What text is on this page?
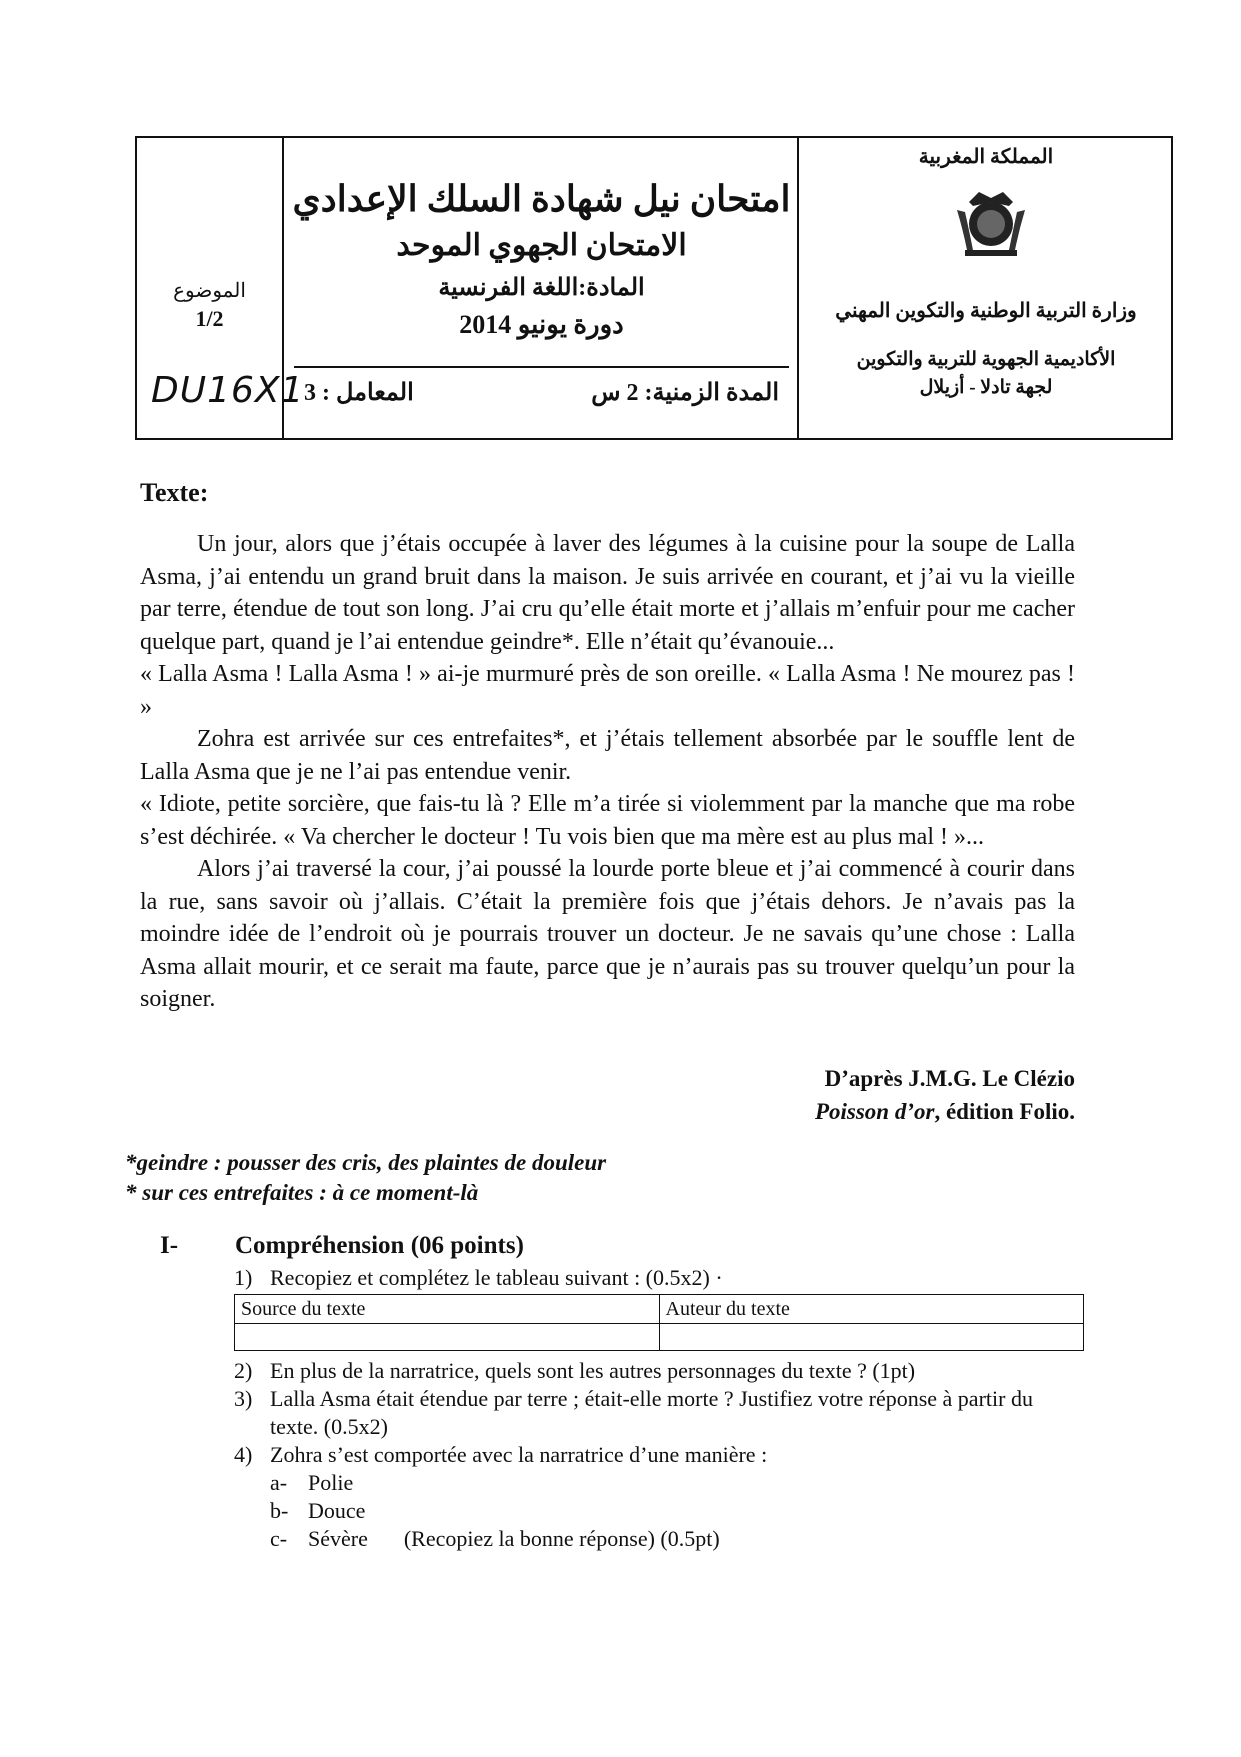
الموضوع
1/2
DU16X1
امتحان نيل شهادة السلك الإعدادي
الامتحان الجهوي الموحد
المادة:اللغة الفرنسية
دورة يونيو 2014
المدة الزمنية: 2 س
المعامل : 3
المملكة المغربية
وزارة التربية الوطنية والتكوين المهني
الأكاديمية الجهوية للتربية والتكوين
لجهة تادلا - أزيلال
Texte:

Un jour, alors que j’étais occupée à laver des légumes à la cuisine pour la soupe de Lalla Asma, j’ai entendu un grand bruit dans la maison. Je suis arrivée en courant, et j’ai vu la vieille par terre, étendue de tout son long. J’ai cru qu’elle était morte et j’allais m’enfuir pour me cacher quelque part, quand je l’ai entendue geindre*. Elle n’était qu’évanouie...

« Lalla Asma ! Lalla Asma ! » ai-je murmuré près de son oreille. « Lalla Asma ! Ne mourez pas ! »

Zohra est arrivée sur ces entrefaites*, et j’étais tellement absorbée par le souffle lent de Lalla Asma que je ne l’ai pas entendue venir.

« Idiote, petite sorcière, que fais-tu là ? Elle m’a tirée si violemment par la manche que ma robe s’est déchirée. « Va chercher le docteur ! Tu vois bien que ma mère est au plus mal ! »...

Alors j’ai traversé la cour, j’ai poussé la lourde porte bleue et j’ai commencé à courir dans la rue, sans savoir où j’allais. C’était la première fois que j’étais dehors. Je n’avais pas la moindre idée de l’endroit où je pourrais trouver un docteur. Je ne savais qu’une chose : Lalla Asma allait mourir, et ce serait ma faute, parce que je n’aurais pas su trouver quelqu’un pour la soigner.

D’après J.M.G. Le Clézio
Poisson d’or, édition Folio.
*geindre : pousser des cris, des plaintes de douleur
* sur ces entrefaites : à ce moment-là
I-	Compréhension (06 points)
1) Recopiez et complétez le tableau suivant : (0.5x2) ·
Source du texte	Auteur du texte

2) En plus de la narratrice, quels sont les autres personnages du texte ? (1pt)
3) Lalla Asma était étendue par terre ; était-elle morte ? Justifiez votre réponse à partir du texte. (0.5x2)
4) Zohra s’est comportée avec la narratrice d’une manière :
a- Polie
b- Douce
c- Sévère (Recopiez la bonne réponse) (0.5pt)
